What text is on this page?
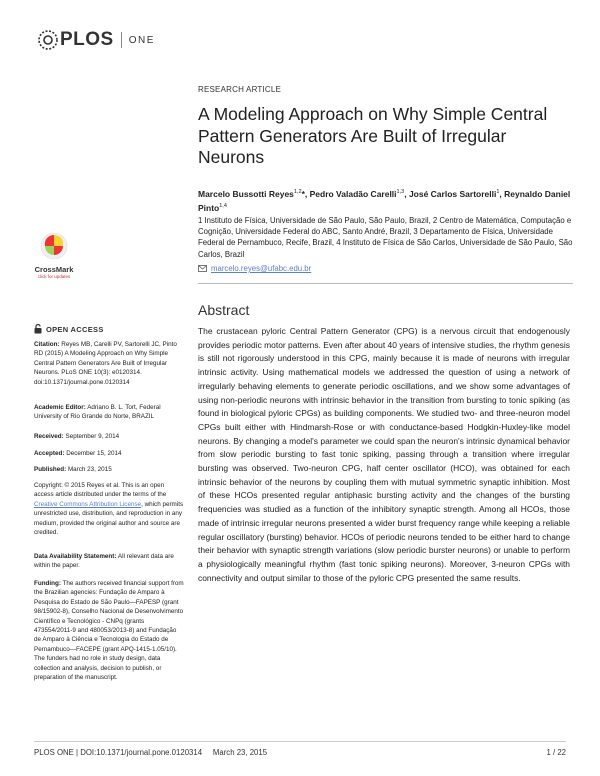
PLOS ONE
RESEARCH ARTICLE
A Modeling Approach on Why Simple Central Pattern Generators Are Built of Irregular Neurons
Marcelo Bussotti Reyes$^{1,2}$*, Pedro Valadão Carelli$^{1,3}$, José Carlos Sartorelli$^1$, Reynaldo Daniel Pinto$^{1,4}$
1 Instituto de Física, Universidade de São Paulo, São Paulo, Brazil, 2 Centro de Matemática, Computação e Cognição, Universidade Federal do ABC, Santo André, Brazil, 3 Departamento de Física, Universidade Federal de Pernambuco, Recife, Brazil, 4 Instituto de Física de São Carlos, Universidade de São Paulo, São Carlos, Brazil
marcelo.reyes@ufabc.edu.br
Abstract
The crustacean pyloric Central Pattern Generator (CPG) is a nervous circuit that endogenously provides periodic motor patterns. Even after about 40 years of intensive studies, the rhythm genesis is still not rigorously understood in this CPG, mainly because it is made of neurons with irregular intrinsic activity. Using mathematical models we addressed the question of using a network of irregularly behaving elements to generate periodic oscillations, and we show some advantages of using non-periodic neurons with intrinsic behavior in the transition from bursting to tonic spiking (as found in biological pyloric CPGs) as building components. We studied two- and three-neuron model CPGs built either with Hindmarsh-Rose or with conductance-based Hodgkin-Huxley-like model neurons. By changing a model's parameter we could span the neuron's intrinsic dynamical behavior from slow periodic bursting to fast tonic spiking, passing through a transition where irregular bursting was observed. Two-neuron CPG, half center oscillator (HCO), was obtained for each intrinsic behavior of the neurons by coupling them with mutual symmetric synaptic inhibition. Most of these HCOs presented regular antiphasic bursting activity and the changes of the bursting frequencies was studied as a function of the inhibitory synaptic strength. Among all HCOs, those made of intrinsic irregular neurons presented a wider burst frequency range while keeping a reliable regular oscillatory (bursting) behavior. HCOs of periodic neurons tended to be either hard to change their behavior with synaptic strength variations (slow periodic burster neurons) or unable to perform a physiologically meaningful rhythm (fast tonic spiking neurons). Moreover, 3-neuron CPGs with connectivity and output similar to those of the pyloric CPG presented the same results.
CrossMark
click for updates
OPEN ACCESS
Citation: Reyes MB, Carelli PV, Sartorelli JC, Pinto RD (2015) A Modeling Approach on Why Simple Central Pattern Generators Are Built of Irregular Neurons. PLoS ONE 10(3): e0120314. doi:10.1371/journal.pone.0120314
Academic Editor: Adriano B. L. Tort, Federal University of Rio Grande do Norte, BRAZIL
Received: September 9, 2014
Accepted: December 15, 2014
Published: March 23, 2015
Copyright: © 2015 Reyes et al. This is an open access article distributed under the terms of the Creative Commons Attribution License, which permits unrestricted use, distribution, and reproduction in any medium, provided the original author and source are credited.
Data Availability Statement: All relevant data are within the paper.
Funding: The authors received financial support from the Brazilian agencies: Fundação de Amparo à Pesquisa do Estado de São Paulo—FAPESP (grant 98/15902-8), Conselho Nacional de Desenvolvimento Científico e Tecnológico - CNPq (grants 473554/2011-9 and 480053/2013-8) and Fundação de Amparo à Ciência e Tecnologia do Estado de Pernambuco—FACEPE (grant APQ-1415-1.05/10). The funders had no role in study design, data collection and analysis, decision to publish, or preparation of the manuscript.
PLOS ONE | DOI:10.1371/journal.pone.0120314     March 23, 2015	1 / 22
